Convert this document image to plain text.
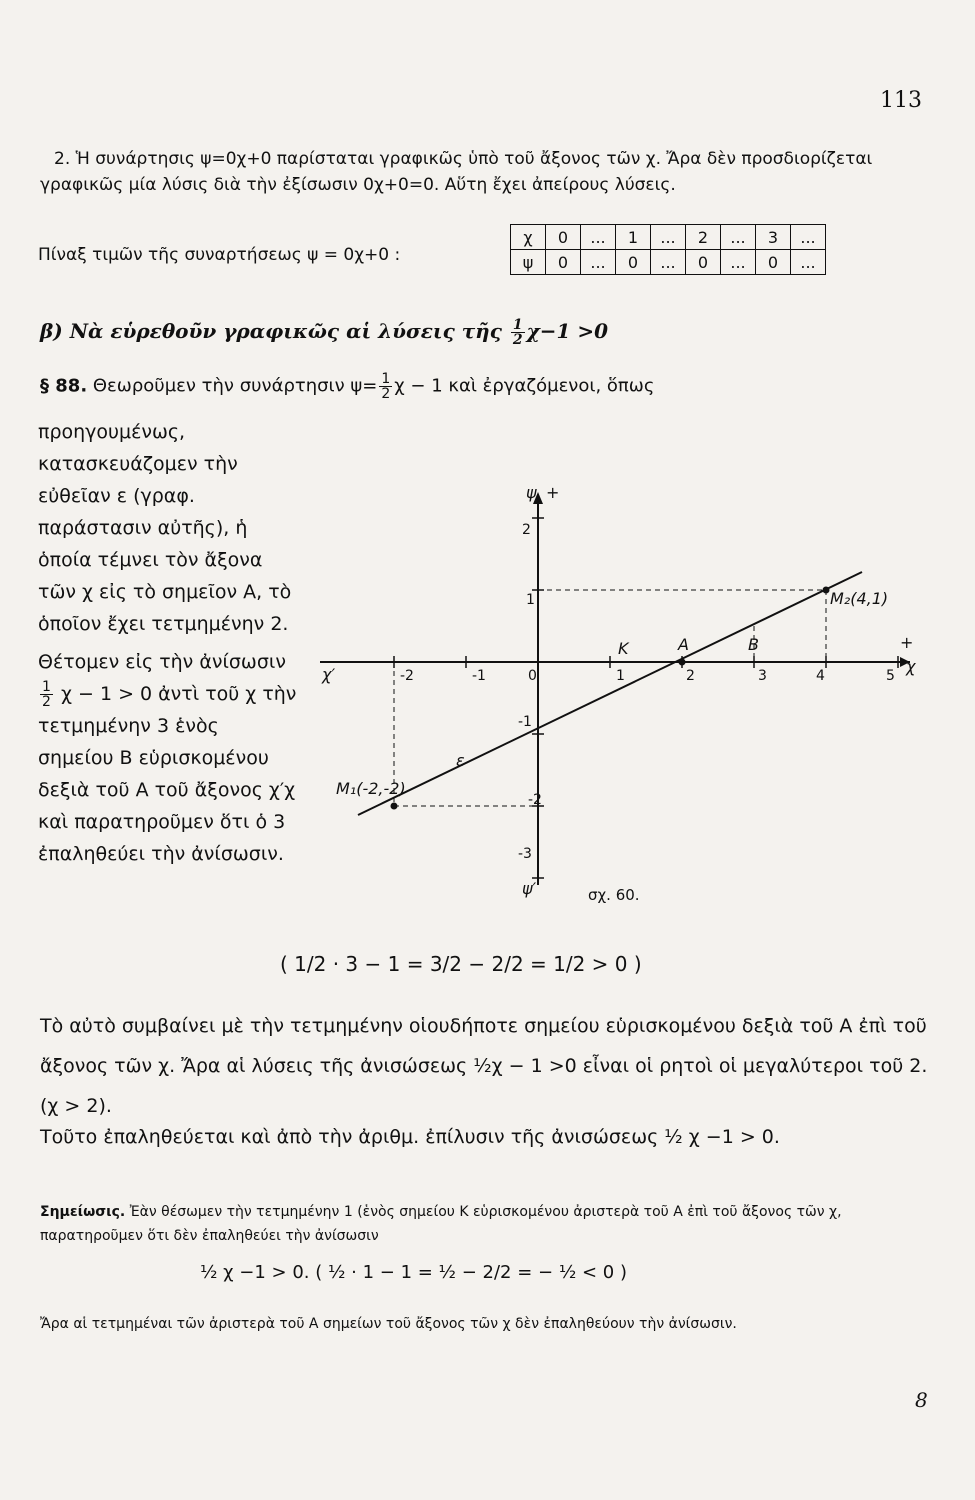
113
2. Ἡ συνάρτησις ψ=0χ+0 παρίσταται γραφικῶς ὑπὸ τοῦ ἄξονος τῶν χ. Ἄρα δὲν προσδιορίζεται γραφικῶς μία λύσις διὰ τὴν ἐξίσωσιν 0χ+0=0. Αὕτη ἔχει ἀπείρους λύσεις.
Πίναξ τιμῶν τῆς συναρτήσεως ψ = 0χ+0 :
χ	0	...	1	...	2	...	3	...
ψ	0	...	0	...	0	...	0	...
β) Νὰ εὑρεθοῦν γραφικῶς αἱ λύσεις τῆς $\frac{1}{2} \chi-1 >0$
§ 88. Θεωροῦμεν τὴν συνάρτησιν $\psi= \frac{1}{2}$ χ − 1 καὶ ἐργαζόμενοι, ὅπως

προηγουμένως, κατασκευάζομεν τὴν εὐθεῖαν ε (γραφ. παράστασιν αὐτῆς), ἡ ὁποία τέμνει τὸν ἄξονα τῶν χ εἰς τὸ σημεῖον Α, τὸ ὁποῖον ἔχει τετμημένην 2.

Θέτομεν εἰς τὴν ἀνίσωσιν
$\frac{1}{2}$ χ − 1 > 0 ἀντὶ τοῦ χ τὴν τετμημένην 3 ἑνὸς σημείου Β εὑρισκομένου δεξιὰ τοῦ Α τοῦ ἄξονος χ′χ καὶ παρατηροῦμεν ὅτι ὁ 3 ἐπαληθεύει τὴν ἀνίσωσιν.

-2	-1	1	2	3	4	5
2
1
-1
-2
-3
0
ψ +
ψ′
χ
+
χ′
Κ	Α	Β
M₂(4,1)
M₁(-2,-2)
ε
σχ. 60.
( 1/2 · 3 − 1 = 3/2 − 2/2 = 1/2 > 0 )
Τὸ αὐτὸ συμβαίνει μὲ τὴν τετμημένην οἱουδήποτε σημείου εὑρισκομένου δεξιὰ τοῦ Α ἐπὶ τοῦ ἄξονος τῶν χ. Ἄρα αἱ λύσεις τῆς ἀνισώσεως ½χ − 1 >0 εἶναι οἱ ρητοὶ οἱ μεγαλύτεροι τοῦ 2. (χ > 2).
Τοῦτο ἐπαληθεύεται καὶ ἀπὸ τὴν ἀριθμ. ἐπίλυσιν τῆς ἀνισώσεως ½ χ −1 > 0.
Σημείωσις. Ἐὰν θέσωμεν τὴν τετμημένην 1 (ἑνὸς σημείου Κ εὑρισκομένου ἀριστερὰ τοῦ Α ἐπὶ τοῦ ἄξονος τῶν χ, παρατηροῦμεν ὅτι δὲν ἐπαληθεύει τὴν ἀνίσωσιν
½ χ −1 > 0. ( ½ · 1 − 1 = ½ − 2/2 = − ½ < 0 )
Ἄρα αἱ τετμημέναι τῶν ἀριστερὰ τοῦ Α σημείων τοῦ ἄξονος τῶν χ δὲν ἐπαληθεύουν τὴν ἀνίσωσιν.
8
